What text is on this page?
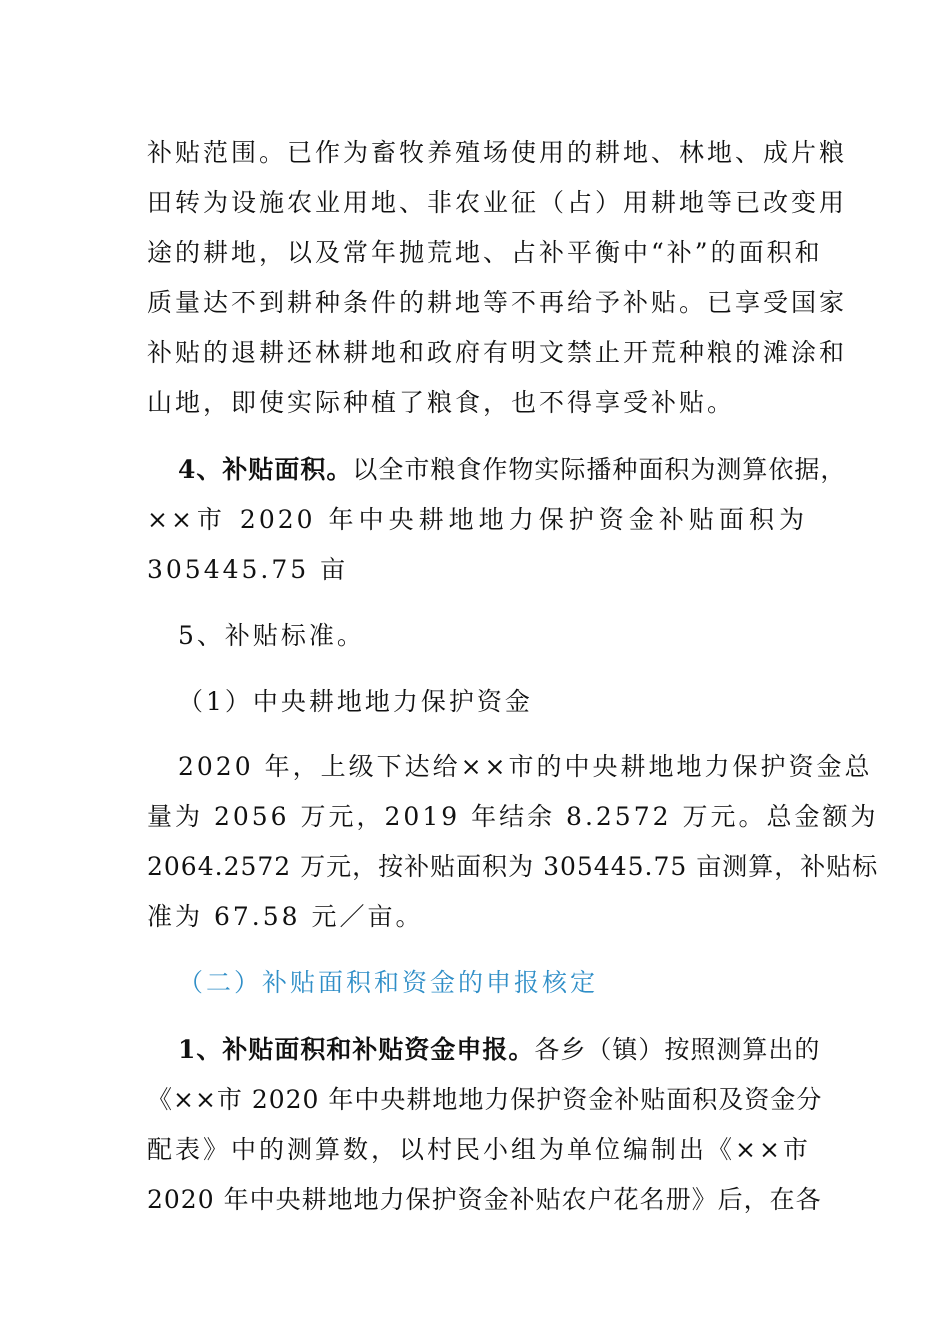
补贴范围。已作为畜牧养殖场使用的耕地、林地、成片粮
田转为设施农业用地、非农业征（占）用耕地等已改变用
途的耕地，以及常年抛荒地、占补平衡中“补”的面积和
质量达不到耕种条件的耕地等不再给予补贴。已享受国家
补贴的退耕还林耕地和政府有明文禁止开荒种粮的滩涂和
山地，即使实际种植了粮食，也不得享受补贴。
4、补贴面积。以全市粮食作物实际播种面积为测算依据，
××市 2020 年中央耕地地力保护资金补贴面积为
305445.75 亩
5、补贴标准。
（1）中央耕地地力保护资金
2020 年，上级下达给××市的中央耕地地力保护资金总
量为 2056 万元，2019 年结余 8.2572 万元。总金额为
2064.2572 万元，按补贴面积为 305445.75 亩测算，补贴标
准为 67.58 元／亩。
（二）补贴面积和资金的申报核定
1、补贴面积和补贴资金申报。各乡（镇）按照测算出的
《××市 2020 年中央耕地地力保护资金补贴面积及资金分
配表》中的测算数，以村民小组为单位编制出《××市
2020 年中央耕地地力保护资金补贴农户花名册》后，在各
